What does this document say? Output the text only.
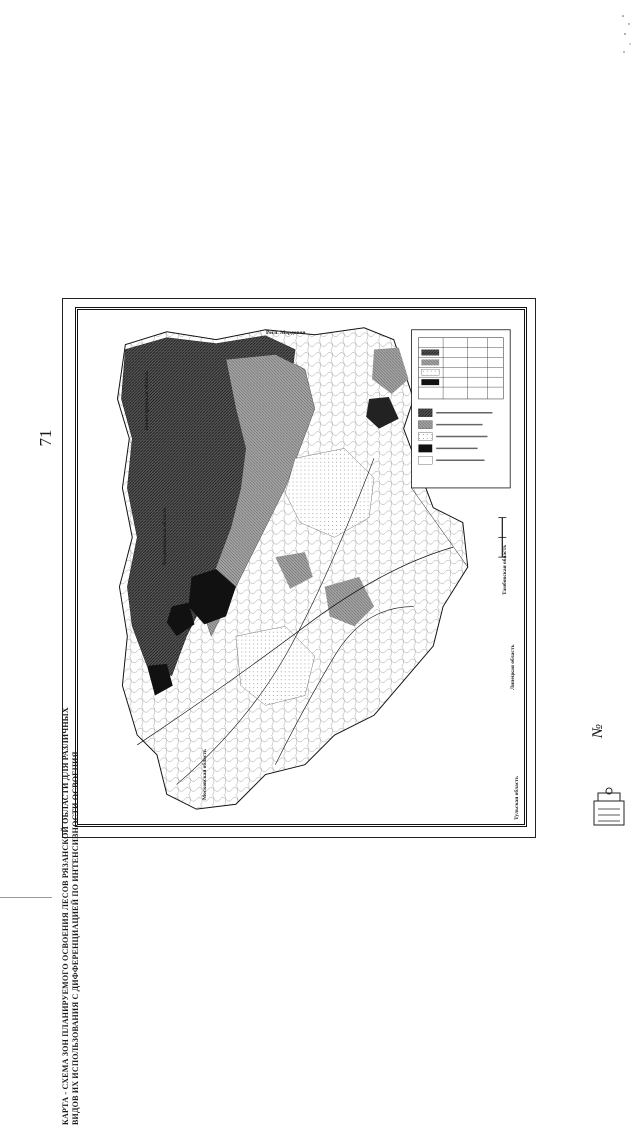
71
Московская область
Владимирская область
Нижегородская область
Респ. Мордовия
Тамбовская область
Липецкая область
Тульская область
КАРТА - СХЕМА ЗОН ПЛАНИРУЕМОГО ОСВОЕНИЯ ЛЕСОВ РЯЗАНСКОЙ ОБЛАСТИ ДЛЯ РАЗЛИЧНЫХ ВИДОВ ИХ ИСПОЛЬЗОВАНИЯ С ДИФФЕРЕНЦИАЦИЕЙ ПО ИНТЕНСИВНОСТИ ОСВОЕНИЯ
№
